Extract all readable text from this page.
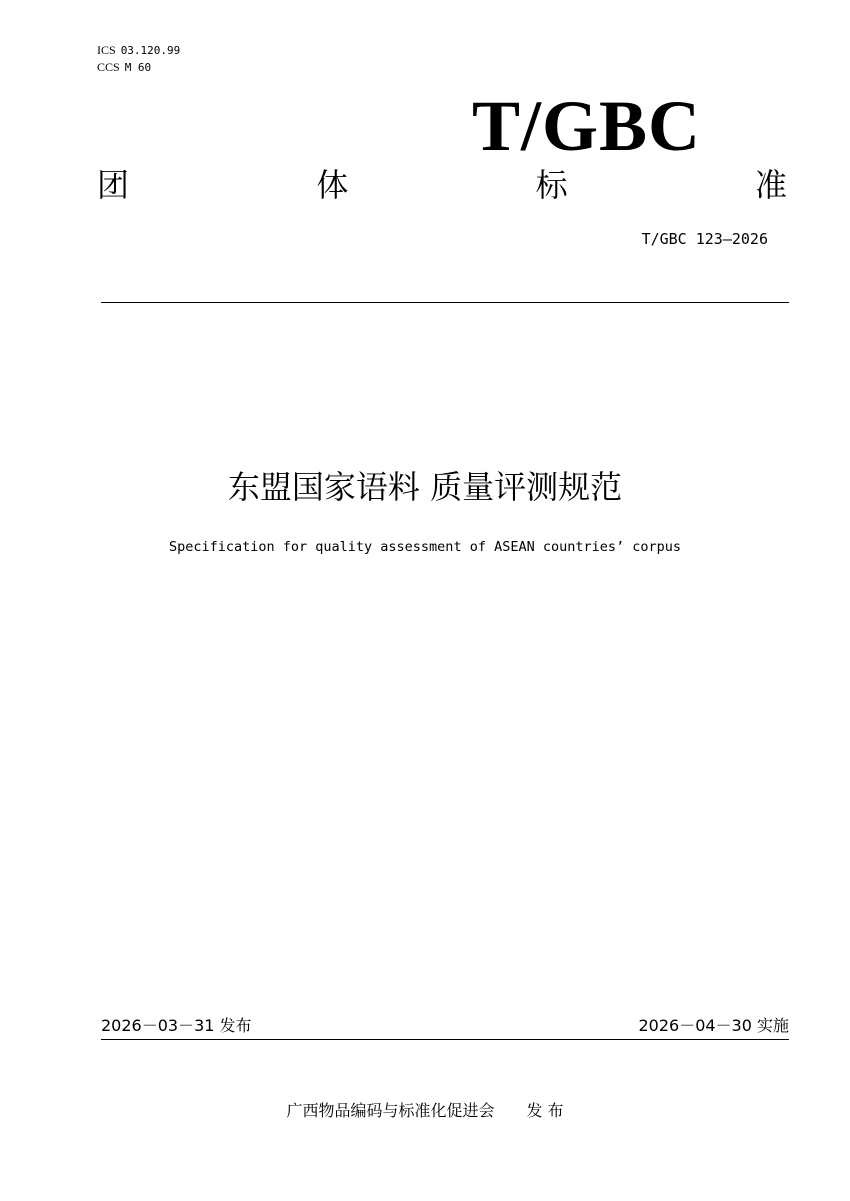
ICS 03.120.99
CCS M 60
T/GBC
团	体	标	准
T/GBC 123—2026
东盟国家语料 质量评测规范
Specification for quality assessment of ASEAN countries’ corpus
2026－03－31 发布	2026－04－30 实施
广西物品编码与标准化促进会　　发 布
